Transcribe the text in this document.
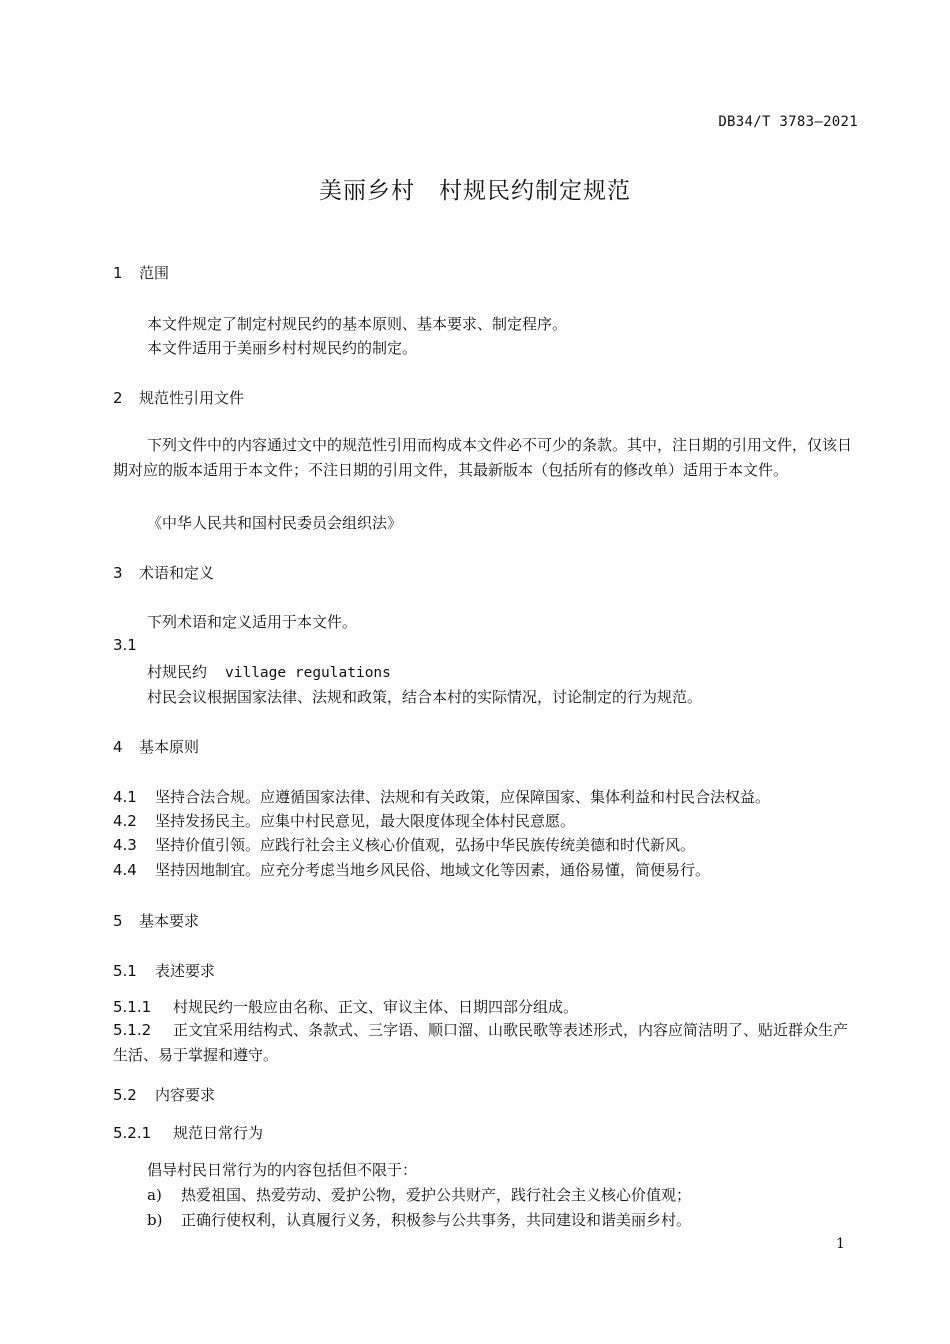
DB34/T 3783—2021
美丽乡村　村规民约制定规范
1 范围
本文件规定了制定村规民约的基本原则、基本要求、制定程序。
本文件适用于美丽乡村村规民约的制定。
2 规范性引用文件
下列文件中的内容通过文中的规范性引用而构成本文件必不可少的条款。其中，注日期的引用文件，仅该日期对应的版本适用于本文件；不注日期的引用文件，其最新版本（包括所有的修改单）适用于本文件。
《中华人民共和国村民委员会组织法》
3 术语和定义
下列术语和定义适用于本文件。
3.1
村规民约 village regulations
村民会议根据国家法律、法规和政策，结合本村的实际情况，讨论制定的行为规范。
4 基本原则
4.1 坚持合法合规。应遵循国家法律、法规和有关政策，应保障国家、集体利益和村民合法权益。
4.2 坚持发扬民主。应集中村民意见，最大限度体现全体村民意愿。
4.3 坚持价值引领。应践行社会主义核心价值观，弘扬中华民族传统美德和时代新风。
4.4 坚持因地制宜。应充分考虑当地乡风民俗、地域文化等因素，通俗易懂，简便易行。
5 基本要求
5.1 表述要求
5.1.1 村规民约一般应由名称、正文、审议主体、日期四部分组成。
5.1.2 正文宜采用结构式、条款式、三字语、顺口溜、山歌民歌等表述形式，内容应简洁明了、贴近群众生产生活、易于掌握和遵守。
5.2 内容要求
5.2.1 规范日常行为
倡导村民日常行为的内容包括但不限于：
a) 热爱祖国、热爱劳动、爱护公物，爱护公共财产，践行社会主义核心价值观；
b) 正确行使权利，认真履行义务，积极参与公共事务，共同建设和谐美丽乡村。
1
